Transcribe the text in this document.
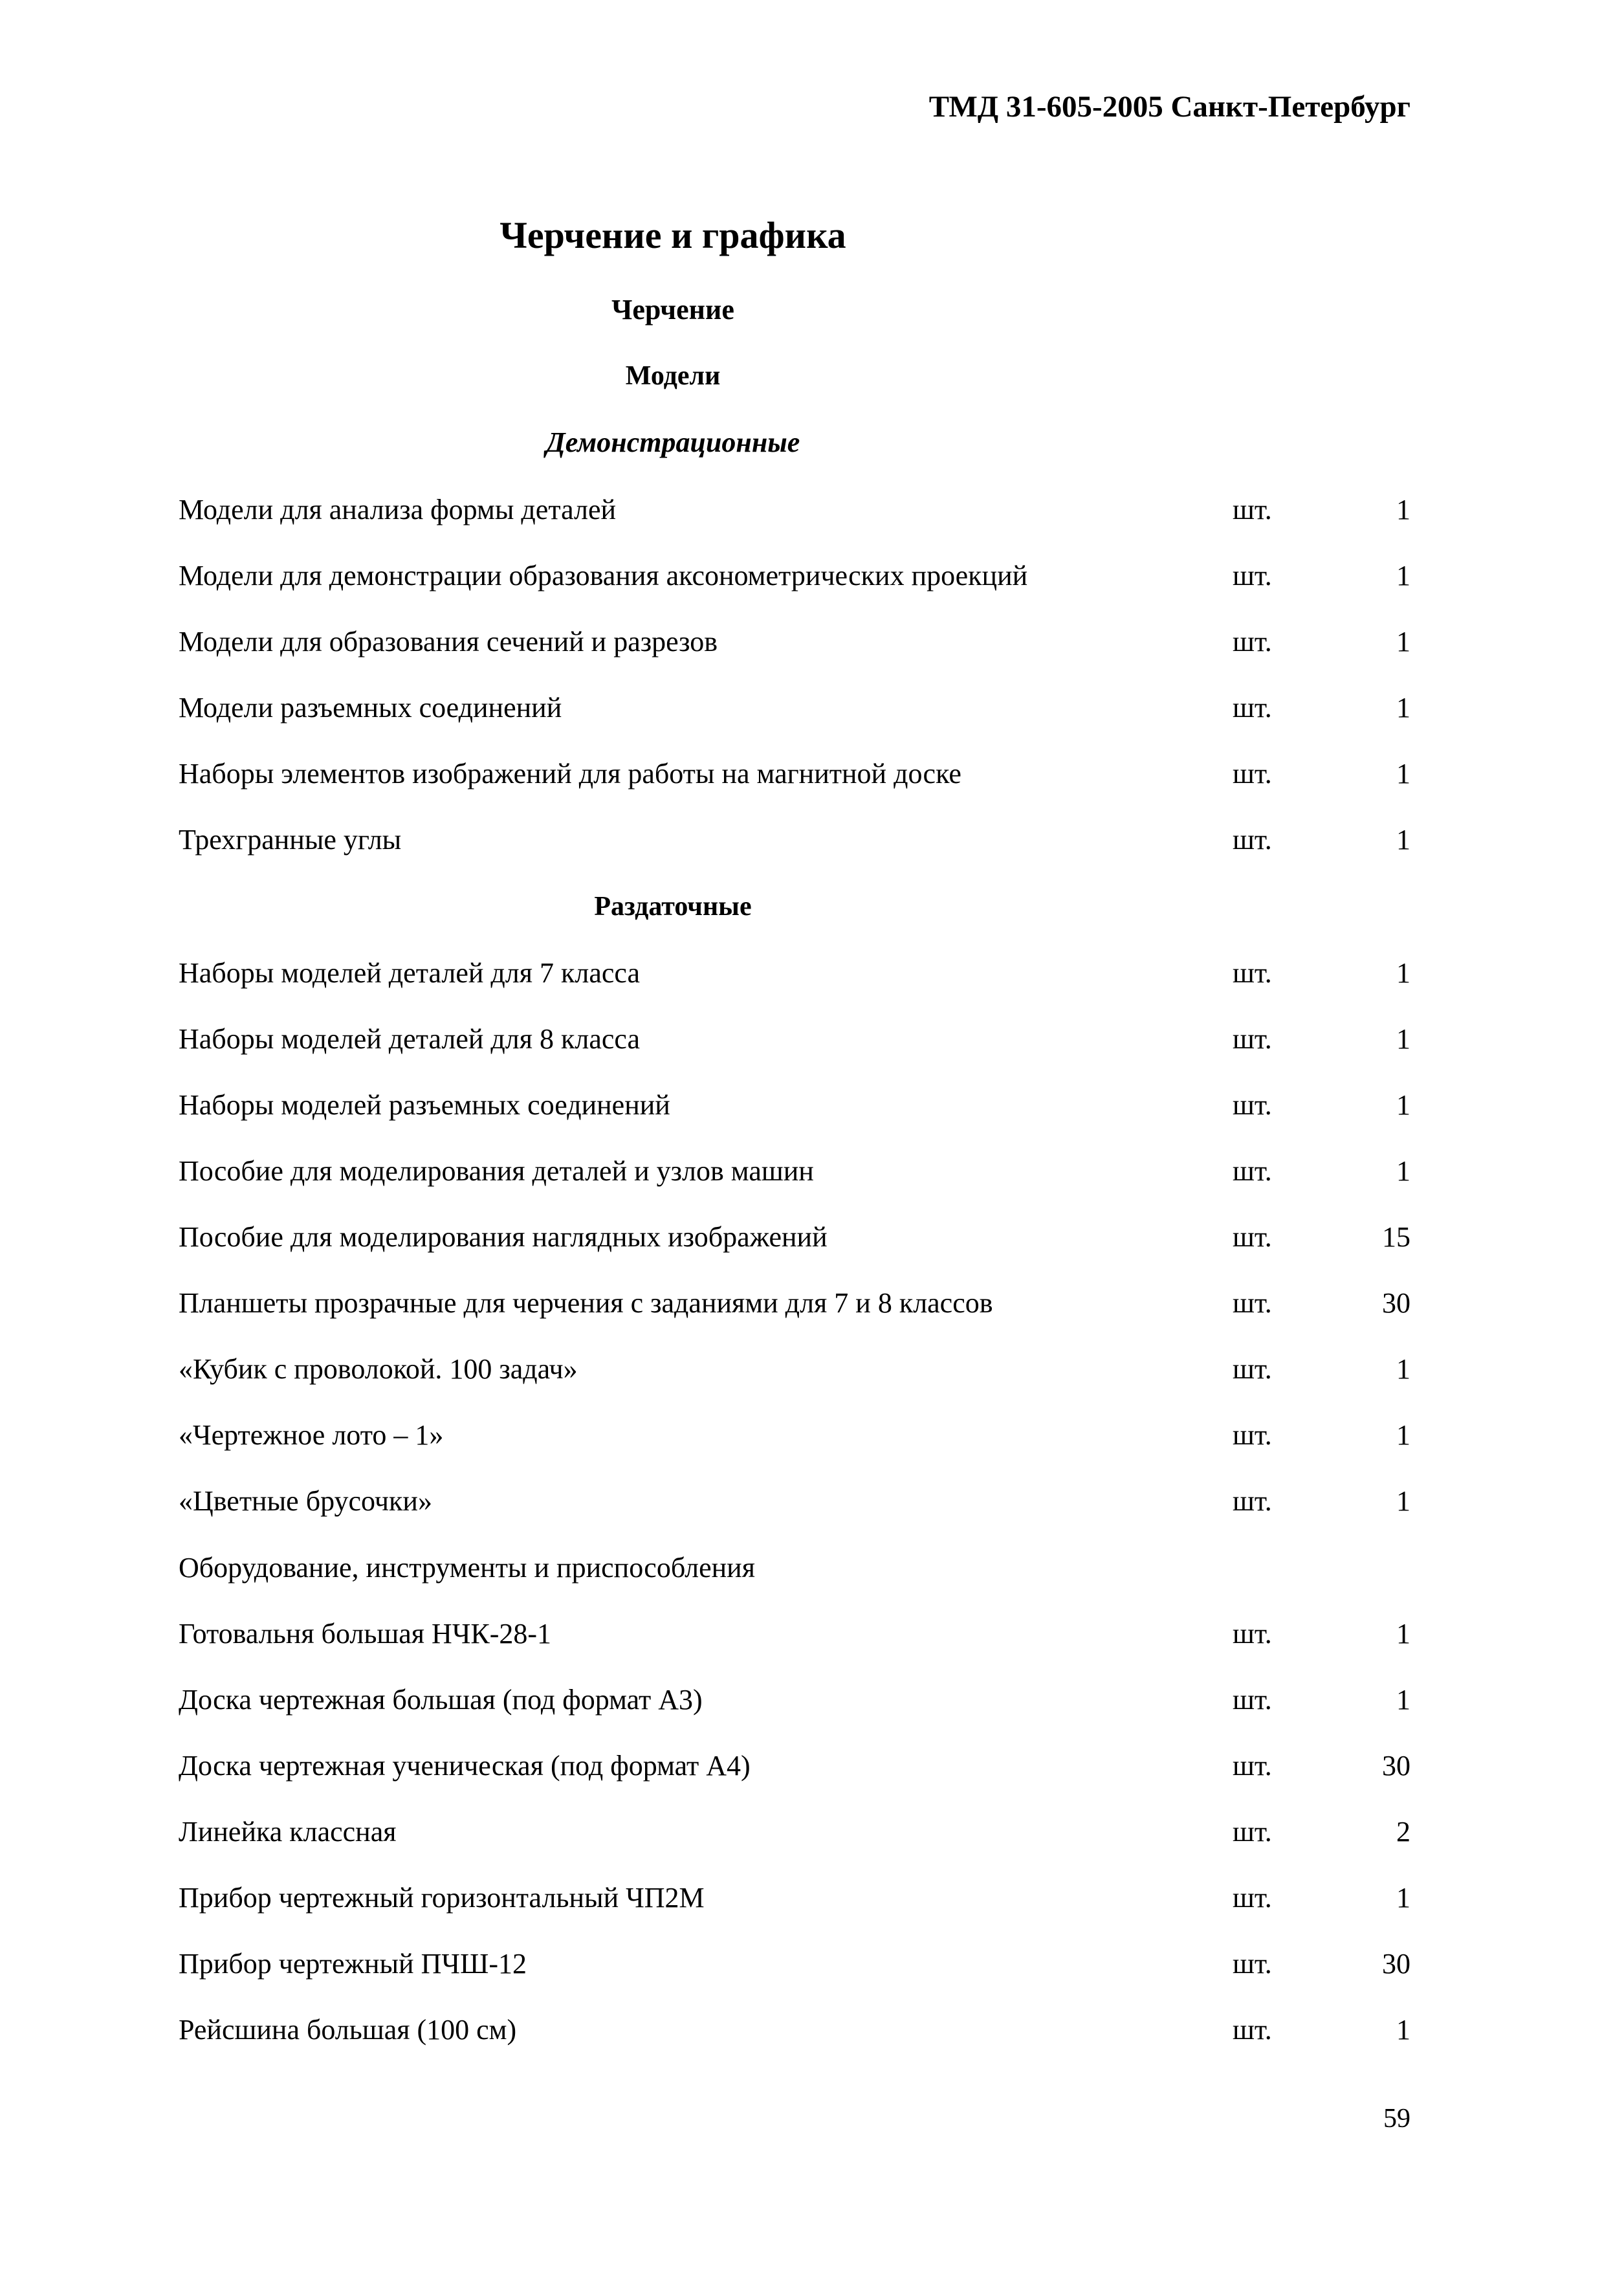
ТМД 31-605-2005 Санкт-Петербург
Черчение и графика
Черчение
Модели
Демонстрационные
Модели для анализа формы деталей	шт.	1
Модели для демонстрации образования аксонометрических проекций	шт.	1
Модели для образования сечений и разрезов	шт.	1
Модели разъемных соединений	шт.	1
Наборы элементов изображений для работы на магнитной доске	шт.	1
Трехгранные углы	шт.	1
Раздаточные
Наборы моделей деталей для 7 класса	шт.	1
Наборы моделей деталей для 8 класса	шт.	1
Наборы моделей разъемных соединений	шт.	1
Пособие для моделирования деталей и узлов машин	шт.	1
Пособие для моделирования наглядных изображений	шт.	15
Планшеты прозрачные для черчения с заданиями для 7 и 8 классов	шт.	30
«Кубик с проволокой. 100 задач»	шт.	1
«Чертежное лото – 1»	шт.	1
«Цветные брусочки»	шт.	1
Оборудование, инструменты и приспособления
Готовальня большая НЧК-28-1	шт.	1
Доска чертежная большая (под формат А3)	шт.	1
Доска чертежная ученическая (под формат А4)	шт.	30
Линейка классная	шт.	2
Прибор чертежный горизонтальный ЧП2М	шт.	1
Прибор чертежный ПЧШ-12	шт.	30
Рейсшина большая (100 см)	шт.	1
59
